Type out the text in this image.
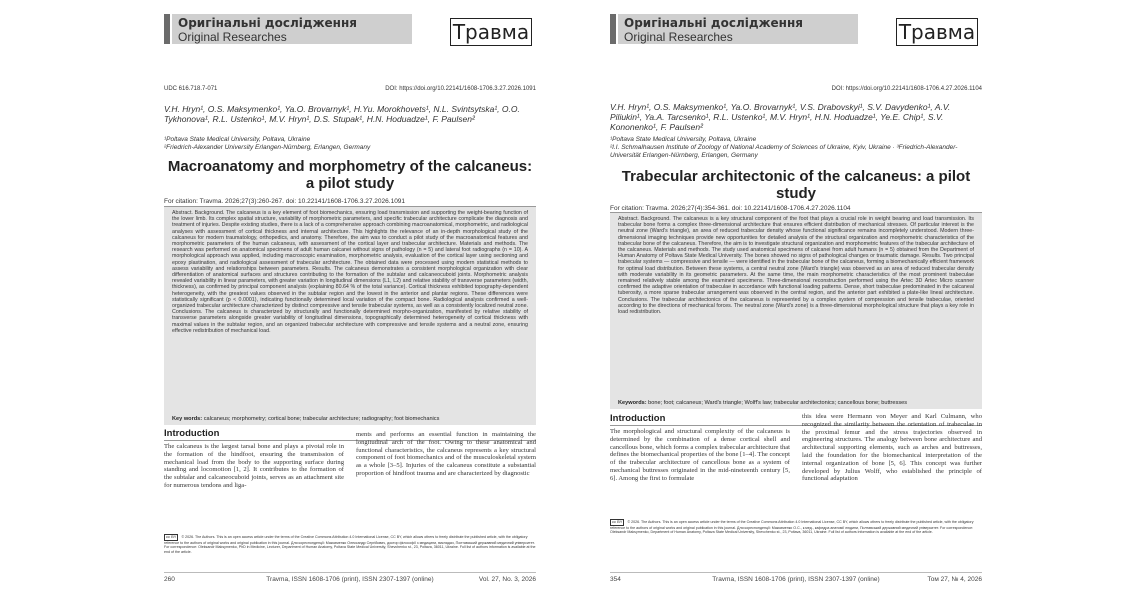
Оригінальні дослідження
Original Researches	Травма
UDC 616.718.7-071	DOI: https://doi.org/10.22141/1608-1706.3.27.2026.1091
V.H. Hryn¹, O.S. Maksymenko¹, Ya.O. Brovarnyk¹, H.Yu. Morokhovets¹, N.L. Svintsytska¹, O.O. Tykhonova¹, R.L. Ustenko¹, M.V. Hryn¹, D.S. Stupak¹, H.N. Hoduadze¹, F. Paulsen²
¹Poltava State Medical University, Poltava, Ukraine
²Friedrich-Alexander University Erlangen-Nürnberg, Erlangen, Germany
Macroanatomy and morphometry of the calcaneus: a pilot study
For citation: Travma. 2026;27(3):260-267. doi: 10.22141/1608-1706.3.27.2026.1091
Abstract. Background. The calcaneus is a key element of foot biomechanics, ensuring load transmission and supporting the weight-bearing function of the lower limb. Its complex spatial structure, variability of morphometric parameters, and specific trabecular architecture complicate the diagnosis and treatment of injuries. Despite existing studies, there is a lack of a comprehensive approach combining macroanatomical, morphometric, and radiological analyses with assessment of cortical thickness and internal architecture. This highlights the relevance of an in-depth morphological study of the calcaneus for modern traumatology, orthopedics, and anatomy. Therefore, the aim was to conduct a pilot study of the macroanatomical features and morphometric parameters of the human calcaneus, with assessment of the cortical layer and trabecular architecture. Materials and methods. The research was performed on anatomical specimens of adult human calcanei without signs of pathology (n = 5) and lateral foot radiographs (n = 10). A morphological approach was applied, including macroscopic examination, morphometric analysis, evaluation of the cortical layer using sectioning and epoxy plastination, and radiological assessment of trabecular architecture. The obtained data were processed using modern statistical methods to assess variability and relationships between parameters. Results. The calcaneus demonstrates a consistent morphological organization with clear differentiation of anatomical surfaces and structures contributing to the formation of the subtalar and calcaneocuboid joints. Morphometric analysis revealed variability in linear parameters, with greater variation in longitudinal dimensions (L1, L2) and relative stability of transverse parameters (width, thickness), as confirmed by principal component analysis (explaining 80.64 % of the total variance). Cortical thickness exhibited topography-dependent heterogeneity, with the greatest values observed in the subtalar region and the lowest in the anterior and plantar regions. These differences were statistically significant (p < 0.0001), indicating functionally determined local variation of the compact bone. Radiological analysis confirmed a well-organized trabecular architecture characterized by distinct compressive and tensile trabecular systems, as well as a consistently localized neutral zone. Conclusions. The calcaneus is characterized by structurally and functionally determined morpho-organization, manifested by relative stability of transverse parameters alongside greater variability of longitudinal dimensions, topographically determined heterogeneity of cortical thickness with maximal values in the subtalar region, and an organized trabecular architecture with compressive and tensile systems and a neutral zone, ensuring effective redistribution of mechanical load.
Key words: calcaneus; morphometry; cortical bone; trabecular architecture; radiography; foot biomechanics
Introduction
The calcaneus is the largest tarsal bone and plays a pivotal role in the formation of the hindfoot, ensuring the transmission of mechanical load from the body to the supporting surface during standing and locomotion [1, 2]. It contributes to the formation of the subtalar and calcaneocuboid joints, serves as an attachment site for numerous tendons and liga-
ments and performs an essential function in maintaining the longitudinal arch of the foot. Owing to these anatomical and functional characteristics, the calcaneus represents a key structural component of foot biomechanics and of the musculoskeletal system as a whole [3–5]. Injuries of the calcaneus constitute a substantial proportion of hindfoot trauma and are characterized by diagnostic
cc BY © 2026. The Authors. This is an open access article under the terms of the Creative Commons Attribution 4.0 International License, CC BY, which allows others to freely distribute the published article, with the obligatory reference to the authors of original works and original publication in this journal. Для кореспонденції: Максименко Олександр Сергійович, доктор філософії з медицини, викладач, Полтавський державний медичний університет. For correspondence: Oleksandr Maksymenko, PhD in Medicine, Lecturer, Department of Human Anatomy, Poltava State Medical University, Shevchenko st., 23, Poltava, 36011, Ukraine. Full list of authors information is available at the end of the article.
260	Travma, ISSN 1608-1706 (print), ISSN 2307-1397 (online)	Vol. 27, No. 3, 2026
Оригінальні дослідження
Original Researches	Травма
DOI: https://doi.org/10.22141/1608-1706.4.27.2026.1104
V.H. Hryn¹, O.S. Maksymenko¹, Ya.O. Brovarnyk¹, V.S. Drabovskyi¹, S.V. Davydenko¹, A.V. Piliukin¹, Ya.A. Tarcsenko¹, R.L. Ustenko¹, M.V. Hryn¹, H.N. Hoduadze¹, Ye.E. Chip¹, S.V. Kononenko¹, F. Paulsen²
¹Poltava State Medical University, Poltava, Ukraine
²I.I. Schmalhausen Institute of Zoology of National Academy of Sciences of Ukraine, Kyiv, Ukraine · ³Friedrich-Alexander-Universität Erlangen-Nürnberg, Erlangen, Germany
Trabecular architectonic of the calcaneus: a pilot study
For citation: Travma. 2026;27(4):354-361. doi: 10.22141/1608-1706.4.27.2026.1104
Abstract. Background. The calcaneus is a key structural component of the foot that plays a crucial role in weight bearing and load transmission. Its trabecular bone forms a complex three-dimensional architecture that ensures efficient distribution of mechanical stresses. Of particular interest is the neutral zone (Ward's triangle), an area of reduced trabecular density whose functional significance remains incompletely understood. Modern three-dimensional imaging techniques provide new opportunities for detailed analysis of the structural organization and morphometric characteristics of the trabecular bone of the calcaneus. Therefore, the aim is to investigate structural organization and morphometric features of the trabecular architecture of the calcaneus. Materials and methods. The study used anatomical specimens of calcanei from adult humans (n = 5) obtained from the Department of Human Anatomy of Poltava State Medical University. The bones showed no signs of pathological changes or traumatic damage. Results. Two principal trabecular systems — compressive and tensile — were identified in the trabecular bone of the calcaneus, forming a biomechanically efficient framework for optimal load distribution. Between these systems, a central neutral zone (Ward's triangle) was observed as an area of reduced trabecular density with moderate variability in its geometric parameters. At the same time, the main morphometric characteristics of the most prominent trabeculae remained relatively stable among the examined specimens. Three-dimensional reconstruction performed using the Artec 3D Artec Micro scanner confirmed the adaptive orientation of trabeculae in accordance with functional loading patterns. Dense, short trabeculae predominated in the calcaneal tuberosity, a more sparse trabecular arrangement was observed in the central region, and the anterior part exhibited a plate-like lineal architecture. Conclusions. The trabecular architectonics of the calcaneus is represented by a complex system of compression and tensile trabeculae, oriented according to the directions of mechanical forces. The neutral zone (Ward's zone) is a three-dimensional morphological structure that plays a key role in load redistribution.
Keywords: bone; foot; calcaneus; Ward's triangle; Wolff's law; trabecular architectonics; cancellous bone; buttresses
Introduction
The morphological and structural complexity of the calcaneus is determined by the combination of a dense cortical shell and cancellous bone, which forms a complex trabecular architecture that defines the biomechanical properties of the bone [1–4]. The concept of the trabecular architecture of cancellous bone as a system of mechanical buttresses originated in the mid-nineteenth century [5, 6]. Among the first to formulate
this idea were Hermann von Meyer and Karl Culmann, who recognized the similarity between the orientation of trabeculae in the proximal femur and the stress trajectories observed in engineering structures. The analogy between bone architecture and architectural supporting elements, such as arches and buttresses, laid the foundation for the biomechanical interpretation of the internal organization of bone [5, 6]. This concept was further developed by Julius Wolff, who established the principle of functional adaptation
cc BY © 2026. The Authors. This is an open access article under the terms of the Creative Commons Attribution 4.0 International License, CC BY, which allows others to freely distribute the published article, with the obligatory reference to the authors of original works and original publication in this journal. Для кореспонденції: Максименко О.С., к.мед., кафедра анатомії людини, Полтавський державний медичний університет. For correspondence: Oleksandr Maksymenko, Department of Human Anatomy, Poltava State Medical University, Shevchenko st., 23, Poltava, 36011, Ukraine. Full list of authors information is available at the end of the article.
354	Travma, ISSN 1608-1706 (print), ISSN 2307-1397 (online)	Том 27, № 4, 2026
